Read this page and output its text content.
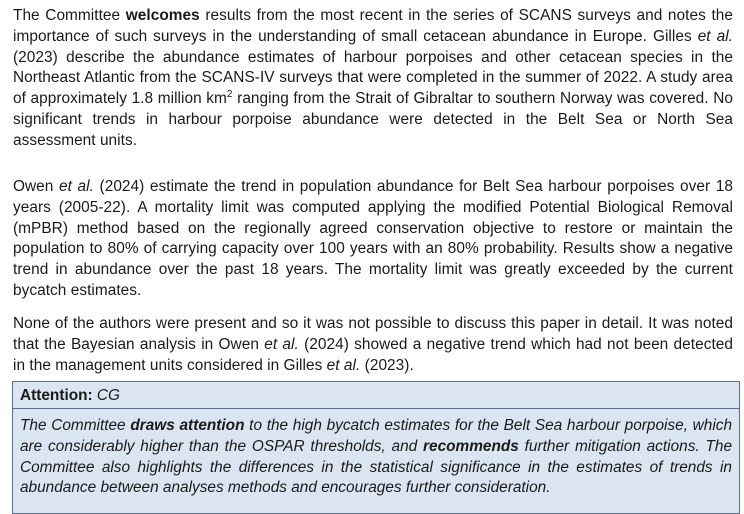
The Committee welcomes results from the most recent in the series of SCANS surveys and notes the importance of such surveys in the understanding of small cetacean abundance in Europe. Gilles et al. (2023) describe the abundance estimates of harbour porpoises and other cetacean species in the Northeast Atlantic from the SCANS-IV surveys that were completed in the summer of 2022. A study area of approximately 1.8 million $km^2$ ranging from the Strait of Gibraltar to southern Norway was covered. No significant trends in harbour porpoise abundance were detected in the Belt Sea or North Sea assessment units.

Owen et al. (2024) estimate the trend in population abundance for Belt Sea harbour porpoises over 18 years (2005-22). A mortality limit was computed applying the modified Potential Biological Removal (mPBR) method based on the regionally agreed conservation objective to restore or maintain the population to 80% of carrying capacity over 100 years with an 80% probability. Results show a negative trend in abundance over the past 18 years. The mortality limit was greatly exceeded by the current bycatch estimates.

None of the authors were present and so it was not possible to discuss this paper in detail. It was noted that the Bayesian analysis in Owen et al. (2024) showed a negative trend which had not been detected in the management units considered in Gilles et al. (2023).

Attention: CG
The Committee draws attention to the high bycatch estimates for the Belt Sea harbour porpoise, which are considerably higher than the OSPAR thresholds, and recommends further mitigation actions. The Committee also highlights the differences in the statistical significance in the estimates of trends in abundance between analyses methods and encourages further consideration.
